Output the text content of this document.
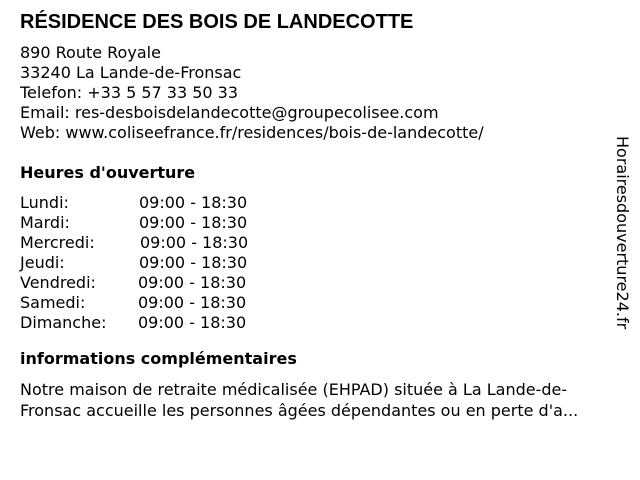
RÉSIDENCE DES BOIS DE LANDECOTTE
890 Route Royale
33240 La Lande-de-Fronsac
Telefon: +33 5 57 33 50 33
Email: res-desboisdelandecotte@groupecolisee.com
Web: www.coliseefrance.fr/residences/bois-de-landecotte/
Heures d'ouverture
Lundi:	09:00 - 18:30
Mardi:	09:00 - 18:30
Mercredi:	09:00 - 18:30
Jeudi:	09:00 - 18:30
Vendredi:	09:00 - 18:30
Samedi:	09:00 - 18:30
Dimanche: 09:00 - 18:30
informations complémentaires
Notre maison de retraite médicalisée (EHPAD) située à La Lande-de-
Fronsac accueille les personnes âgées dépendantes ou en perte d'a...
Horairesdouverture24.fr
